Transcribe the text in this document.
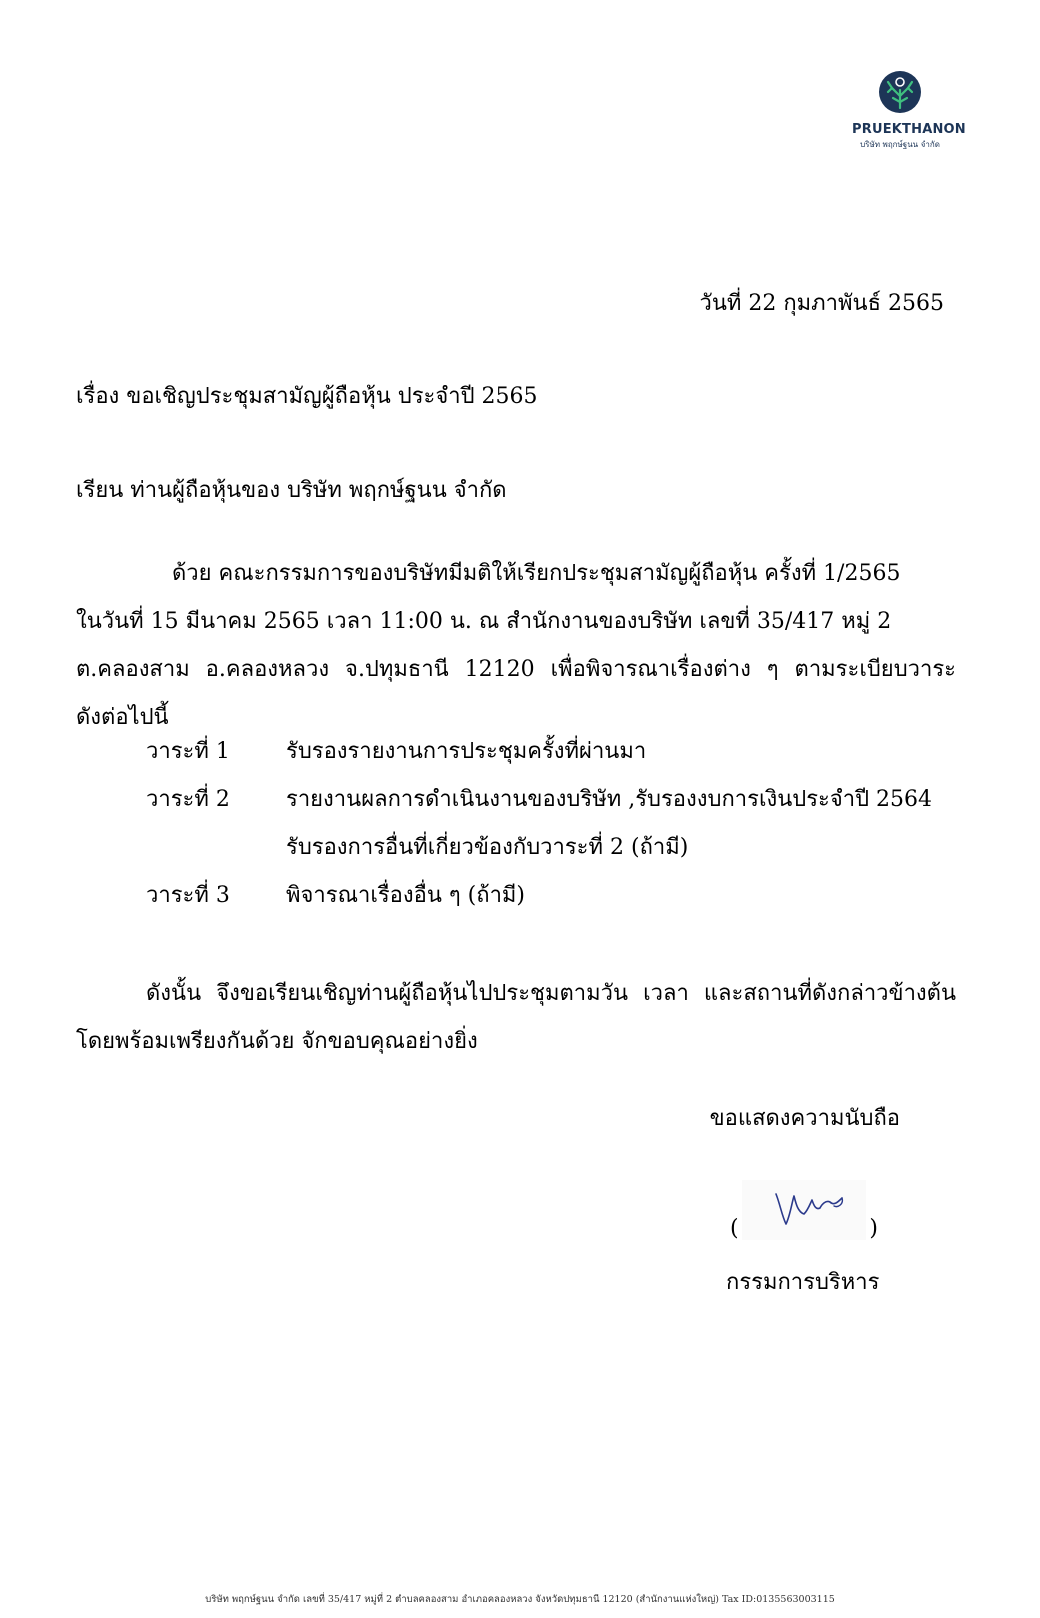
PRUEKTHANON
บริษัท พฤกษ์ฐนน จำกัด
วันที่ 22 กุมภาพันธ์ 2565
เรื่อง ขอเชิญประชุมสามัญผู้ถือหุ้น ประจำปี 2565
เรียน ท่านผู้ถือหุ้นของ บริษัท พฤกษ์ฐนน จำกัด
ด้วย คณะกรรมการของบริษัทมีมติให้เรียกประชุมสามัญผู้ถือหุ้น ครั้งที่ 1/2565
ในวันที่ 15 มีนาคม 2565 เวลา 11:00 น. ณ สำนักงานของบริษัท เลขที่ 35/417 หมู่ 2
ต.คลองสาม อ.คลองหลวง จ.ปทุมธานี 12120 เพื่อพิจารณาเรื่องต่าง ๆ ตามระเบียบวาระ
ดังต่อไปนี้
วาระที่ 1	รับรองรายงานการประชุมครั้งที่ผ่านมา
วาระที่ 2	รายงานผลการดำเนินงานของบริษัท ,รับรองงบการเงินประจำปี 2564
รับรองการอื่นที่เกี่ยวข้องกับวาระที่ 2 (ถ้ามี)
วาระที่ 3	พิจารณาเรื่องอื่น ๆ (ถ้ามี)
ดังนั้น จึงขอเรียนเชิญท่านผู้ถือหุ้นไปประชุมตามวัน เวลา และสถานที่ดังกล่าวข้างต้น
โดยพร้อมเพรียงกันด้วย จักขอบคุณอย่างยิ่ง
ขอแสดงความนับถือ
(	)
กรรมการบริหาร
บริษัท พฤกษ์ฐนน จำกัด เลขที่ 35/417 หมู่ที่ 2 ตำบลคลองสาม อำเภอคลองหลวง จังหวัดปทุมธานี 12120 (สำนักงานแห่งใหญ่) Tax ID:0135563003115
